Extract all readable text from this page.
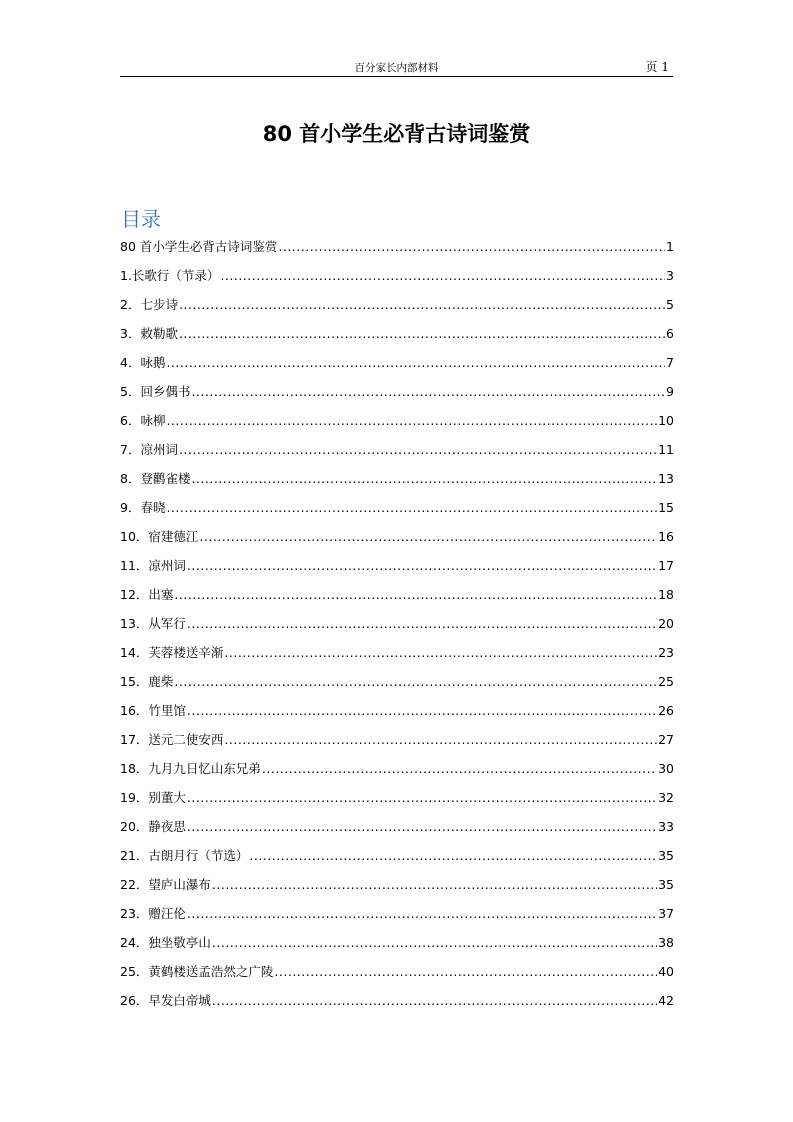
百分家长内部材料	页 1
80 首小学生必背古诗词鉴赏
目录
80 首小学生必背古诗词鉴赏 .....	1
1.长歌行（节录） .....	3
2．七步诗 .....	5
3．敕勒歌 .....	6
4．咏鹅 .....	7
5．回乡偶书 .....	9
6．咏柳 .....	10
7．凉州词 .....	11
8．登鹳雀楼 .....	13
9．春晓 .....	15
10．宿建德江 .....	16
11．凉州词 .....	17
12．出塞 .....	18
13．从军行 .....	20
14．芙蓉楼送辛渐 .....	23
15．鹿柴 .....	25
16．竹里馆 .....	26
17．送元二使安西 .....	27
18．九月九日忆山东兄弟 .....	30
19．别董大 .....	32
20．静夜思 .....	33
21．古朗月行（节选） .....	35
22．望庐山瀑布 .....	35
23．赠汪伦 .....	37
24．独坐敬亭山 .....	38
25．黄鹤楼送孟浩然之广陵 .....	40
26．早发白帝城 .....	42
